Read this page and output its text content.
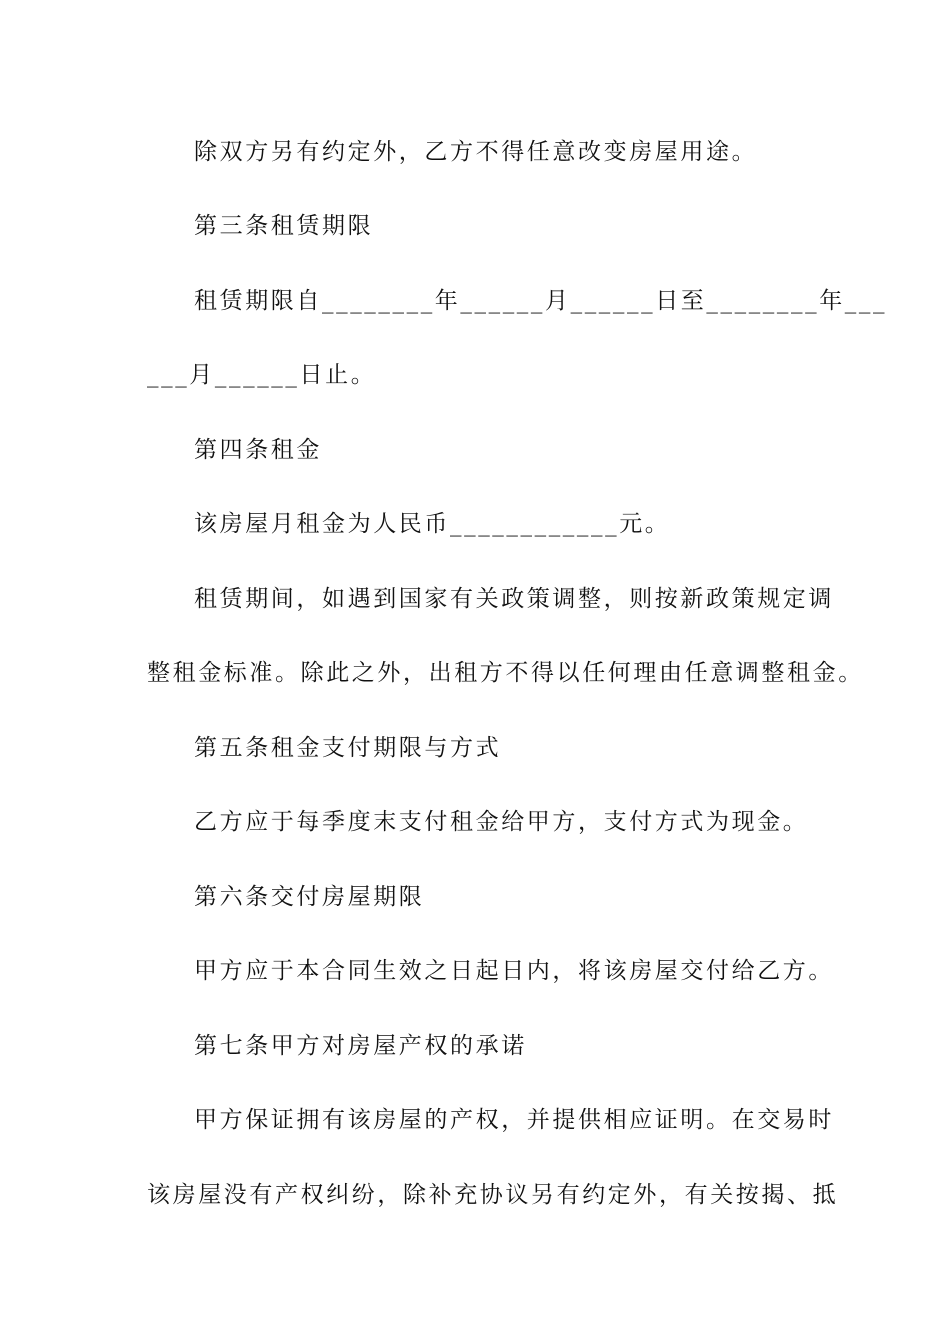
除双方另有约定外，乙方不得任意改变房屋用途。
第三条租赁期限
租赁期限自________年______月______日至________年___
___月______日止。
第四条租金
该房屋月租金为人民币____________元。
租赁期间，如遇到国家有关政策调整，则按新政策规定调
整租金标准。除此之外，出租方不得以任何理由任意调整租金。
第五条租金支付期限与方式
乙方应于每季度末支付租金给甲方，支付方式为现金。
第六条交付房屋期限
甲方应于本合同生效之日起日内，将该房屋交付给乙方。
第七条甲方对房屋产权的承诺
甲方保证拥有该房屋的产权，并提供相应证明。在交易时
该房屋没有产权纠纷，除补充协议另有约定外，有关按揭、抵
